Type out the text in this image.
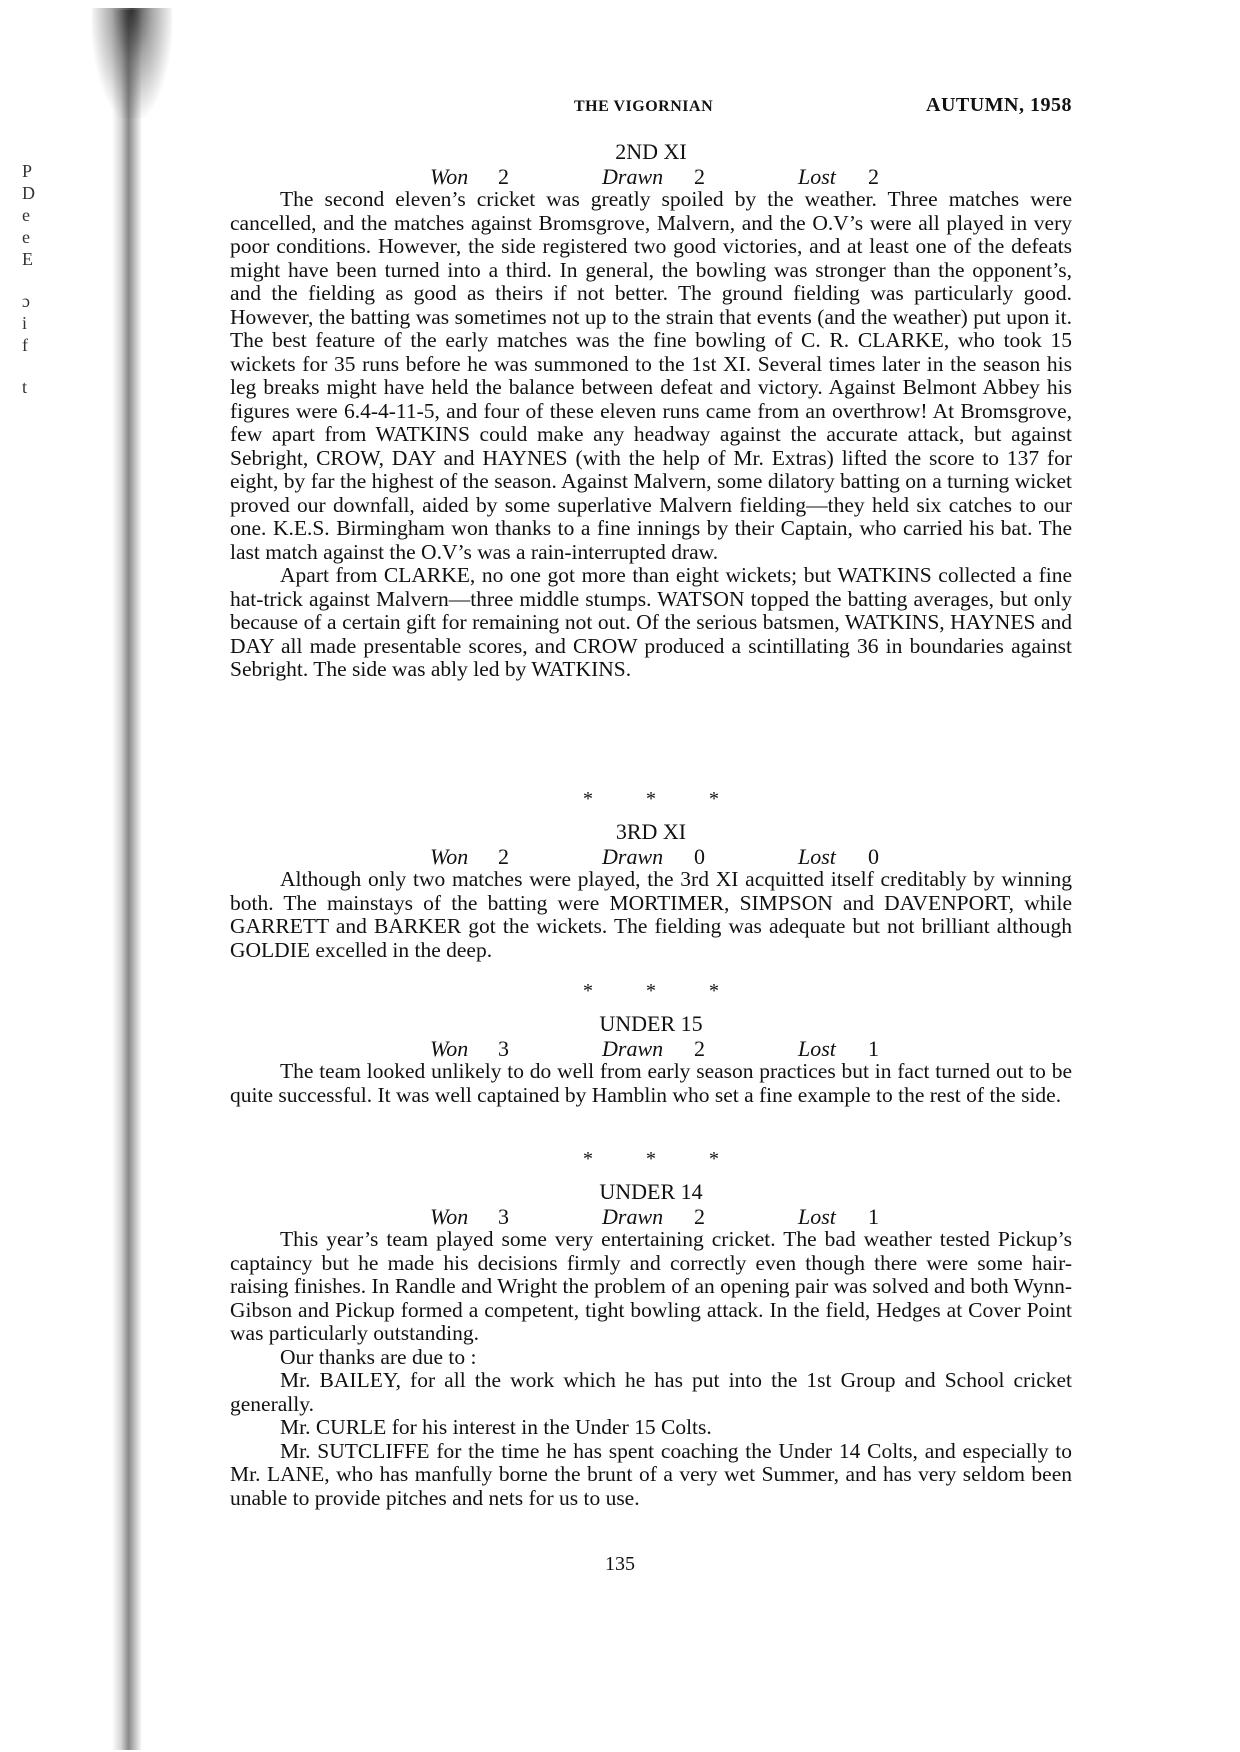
P
D
e
e
E
ɔ
i
f
t
THE VIGORNIAN	AUTUMN, 1958
2ND XI
Won 2	Drawn 2	Lost 2

The second eleven’s cricket was greatly spoiled by the weather. Three matches were cancelled, and the matches against Bromsgrove, Malvern, and the O.V’s were all played in very poor conditions. However, the side registered two good victories, and at least one of the defeats might have been turned into a third. In general, the bowling was stronger than the opponent’s, and the fielding as good as theirs if not better. The ground fielding was particularly good. However, the batting was sometimes not up to the strain that events (and the weather) put upon it. The best feature of the early matches was the fine bowling of C. R. CLARKE, who took 15 wickets for 35 runs before he was summoned to the 1st XI. Several times later in the season his leg breaks might have held the balance between defeat and victory. Against Belmont Abbey his figures were 6.4-4-11-5, and four of these eleven runs came from an overthrow! At Bromsgrove, few apart from WATKINS could make any headway against the accurate attack, but against Sebright, CROW, DAY and HAYNES (with the help of Mr. Extras) lifted the score to 137 for eight, by far the highest of the season. Against Malvern, some dilatory batting on a turning wicket proved our downfall, aided by some superlative Malvern fielding—they held six catches to our one. K.E.S. Birmingham won thanks to a fine innings by their Captain, who carried his bat. The last match against the O.V’s was a rain-interrupted draw.

Apart from CLARKE, no one got more than eight wickets; but WATKINS collected a fine hat-trick against Malvern—three middle stumps. WATSON topped the batting averages, but only because of a certain gift for remaining not out. Of the serious batsmen, WATKINS, HAYNES and DAY all made presentable scores, and CROW produced a scintillating 36 in boundaries against Sebright. The side was ably led by WATKINS.

* * *
3RD XI
Won 2	Drawn 0	Lost 0

Although only two matches were played, the 3rd XI acquitted itself creditably by winning both. The mainstays of the batting were MORTIMER, SIMPSON and DAVENPORT, while GARRETT and BARKER got the wickets. The fielding was adequate but not brilliant although GOLDIE excelled in the deep.

* * *
UNDER 15
Won 3	Drawn 2	Lost 1

The team looked unlikely to do well from early season practices but in fact turned out to be quite successful. It was well captained by Hamblin who set a fine example to the rest of the side.

* * *
UNDER 14
Won 3	Drawn 2	Lost 1

This year’s team played some very entertaining cricket. The bad weather tested Pickup’s captaincy but he made his decisions firmly and correctly even though there were some hair-raising finishes. In Randle and Wright the problem of an opening pair was solved and both Wynn-Gibson and Pickup formed a competent, tight bowling attack. In the field, Hedges at Cover Point was particularly outstanding.

Our thanks are due to :

Mr. BAILEY, for all the work which he has put into the 1st Group and School cricket generally.

Mr. CURLE for his interest in the Under 15 Colts.

Mr. SUTCLIFFE for the time he has spent coaching the Under 14 Colts, and especially to Mr. LANE, who has manfully borne the brunt of a very wet Summer, and has very seldom been unable to provide pitches and nets for us to use.

135
